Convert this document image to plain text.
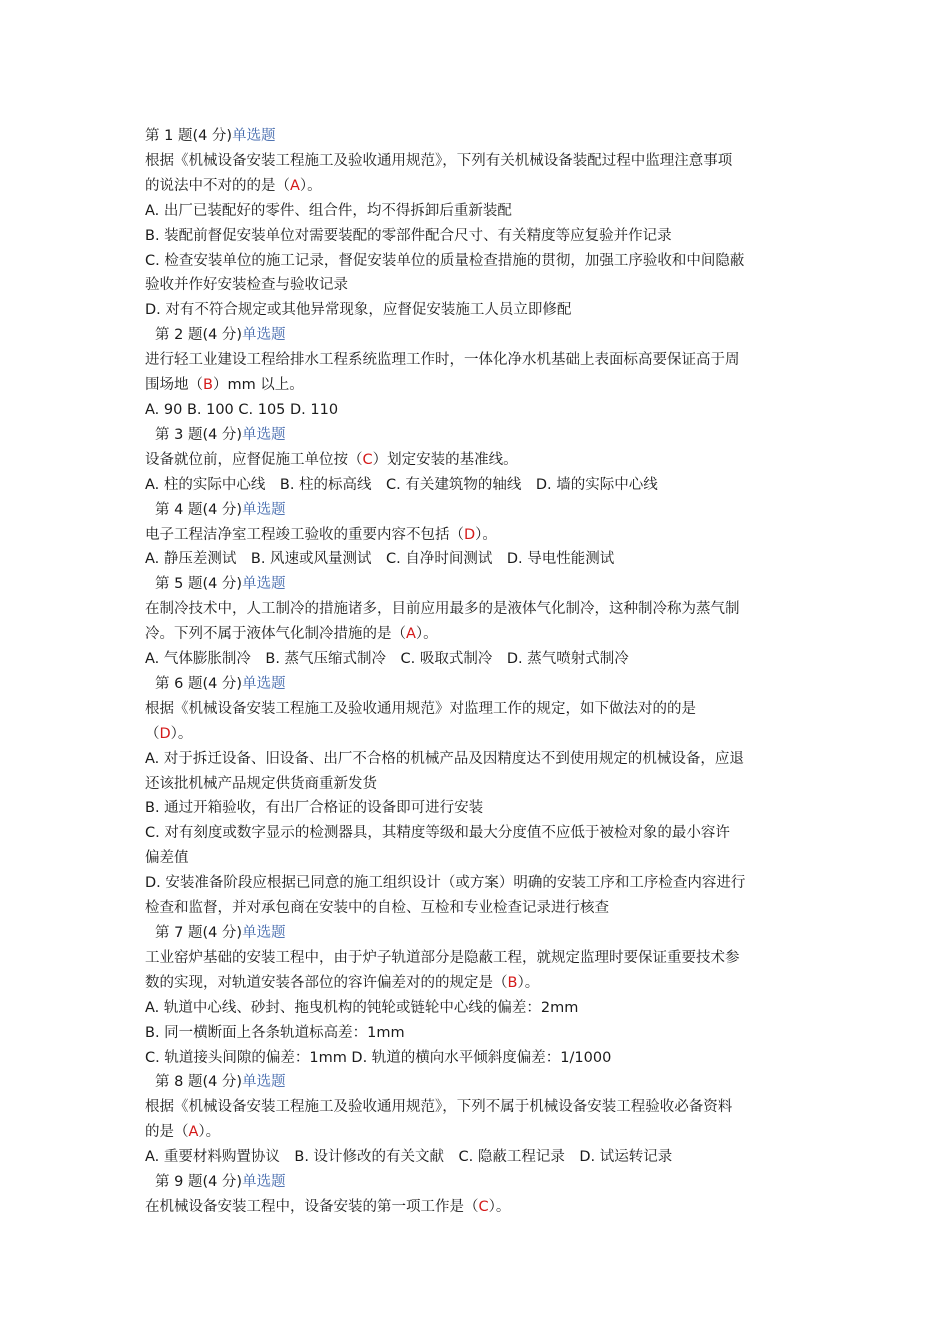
第 1 题(4 分)单选题
根据《机械设备安装工程施工及验收通用规范》，下列有关机械设备装配过程中监理注意事项
的说法中不对的的是（A）。
A. 出厂已装配好的零件、组合件，均不得拆卸后重新装配
B. 装配前督促安装单位对需要装配的零部件配合尺寸、有关精度等应复验并作记录
C. 检查安装单位的施工记录，督促安装单位的质量检查措施的贯彻，加强工序验收和中间隐蔽
验收并作好安装检查与验收记录
D. 对有不符合规定或其他异常现象，应督促安装施工人员立即修配
第 2 题(4 分)单选题
进行轻工业建设工程给排水工程系统监理工作时，一体化净水机基础上表面标高要保证高于周
围场地（B）mm 以上。
A. 90 B. 100 C. 105 D. 110
第 3 题(4 分)单选题
设备就位前，应督促施工单位按（C）划定安装的基准线。
A. 柱的实际中心线　B. 柱的标高线　C. 有关建筑物的轴线　D. 墙的实际中心线
第 4 题(4 分)单选题
电子工程洁净室工程竣工验收的重要内容不包括（D）。
A. 静压差测试　B. 风速或风量测试　C. 自净时间测试　D. 导电性能测试
第 5 题(4 分)单选题
在制冷技术中，人工制冷的措施诸多，目前应用最多的是液体气化制冷，这种制冷称为蒸气制
冷。下列不属于液体气化制冷措施的是（A）。
A. 气体膨胀制冷　B. 蒸气压缩式制冷　C. 吸取式制冷　D. 蒸气喷射式制冷
第 6 题(4 分)单选题
根据《机械设备安装工程施工及验收通用规范》对监理工作的规定，如下做法对的的是
（D）。
A. 对于拆迁设备、旧设备、出厂不合格的机械产品及因精度达不到使用规定的机械设备，应退
还该批机械产品规定供货商重新发货
B. 通过开箱验收，有出厂合格证的设备即可进行安装
C. 对有刻度或数字显示的检测器具，其精度等级和最大分度值不应低于被检对象的最小容许
偏差值
D. 安装准备阶段应根据已同意的施工组织设计（或方案）明确的安装工序和工序检查内容进行
检查和监督，并对承包商在安装中的自检、互检和专业检查记录进行核查
第 7 题(4 分)单选题
工业窑炉基础的安装工程中，由于炉子轨道部分是隐蔽工程，就规定监理时要保证重要技术参
数的实现，对轨道安装各部位的容许偏差对的的规定是（B）。
A. 轨道中心线、砂封、拖曳机构的钝轮或链轮中心线的偏差：2mm
B. 同一横断面上各条轨道标高差：1mm
C. 轨道接头间隙的偏差：1mm D. 轨道的横向水平倾斜度偏差：1/1000
第 8 题(4 分)单选题
根据《机械设备安装工程施工及验收通用规范》，下列不属于机械设备安装工程验收必备资料
的是（A）。
A. 重要材料购置协议　B. 设计修改的有关文献　C. 隐蔽工程记录　D. 试运转记录
第 9 题(4 分)单选题
在机械设备安装工程中，设备安装的第一项工作是（C）。
